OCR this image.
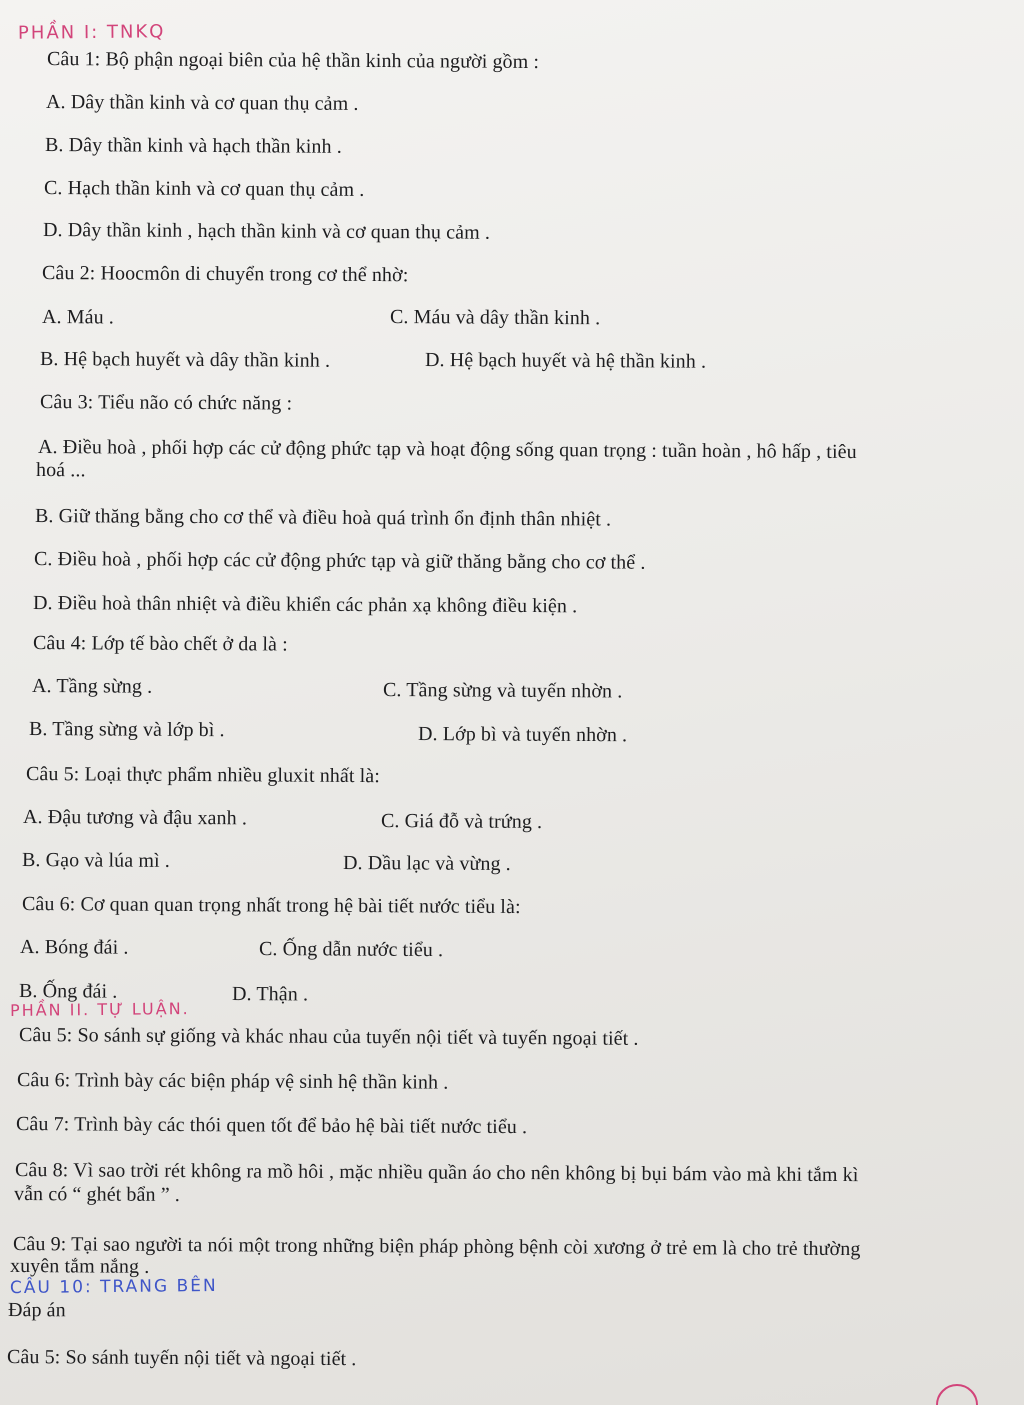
PHẦN I: TNKQ
Câu 1: Bộ phận ngoại biên của hệ thần kinh của người gồm :
A. Dây thần kinh và cơ quan thụ cảm .
B. Dây thần kinh và hạch thần kinh .
C. Hạch thần kinh và cơ quan thụ cảm .
D. Dây thần kinh , hạch thần kinh và cơ quan thụ cảm .
Câu 2: Hoocmôn di chuyển trong cơ thể nhờ:
A. Máu .	C. Máu và dây thần kinh .
B. Hệ bạch huyết và dây thần kinh .	D. Hệ bạch huyết và hệ thần kinh .
Câu 3: Tiểu não có chức năng :
A. Điều hoà , phối hợp các cử động phức tạp và hoạt động sống quan trọng : tuần hoàn , hô hấp , tiêu
hoá ...
B. Giữ thăng bằng cho cơ thể và điều hoà quá trình ổn định thân nhiệt .
C. Điều hoà , phối hợp các cử động phức tạp và giữ thăng bằng cho cơ thể .
D. Điều hoà thân nhiệt và điều khiển các phản xạ không điều kiện .
Câu 4: Lớp tế bào chết ở da là :
A. Tầng sừng .	C. Tầng sừng và tuyến nhờn .
B. Tầng sừng và lớp bì .	D. Lớp bì và tuyến nhờn .
Câu 5: Loại thực phẩm nhiều gluxit nhất là:
A. Đậu tương và đậu xanh .	C. Giá đỗ và trứng .
B. Gạo và lúa mì .	D. Dầu lạc và vừng .
Câu 6: Cơ quan quan trọng nhất trong hệ bài tiết nước tiểu là:
A. Bóng đái .	C. Ống dẫn nước tiểu .
B. Ống đái .	D. Thận .
PHẦN II. TỰ LUẬN.
Câu 5: So sánh sự giống và khác nhau của tuyến nội tiết và tuyến ngoại tiết .
Câu 6: Trình bày các biện pháp vệ sinh hệ thần kinh .
Câu 7: Trình bày các thói quen tốt để bảo hệ bài tiết nước tiểu .
Câu 8: Vì sao trời rét không ra mồ hôi , mặc nhiều quần áo cho nên không bị bụi bám vào mà khi tắm kì
vẫn có “ ghét bẩn ” .
Câu 9: Tại sao người ta nói một trong những biện pháp phòng bệnh còi xương ở trẻ em là cho trẻ thường
xuyên tắm nắng .
CÂU 10: TRANG BÊN
Đáp án
Câu 5: So sánh tuyến nội tiết và ngoại tiết .
